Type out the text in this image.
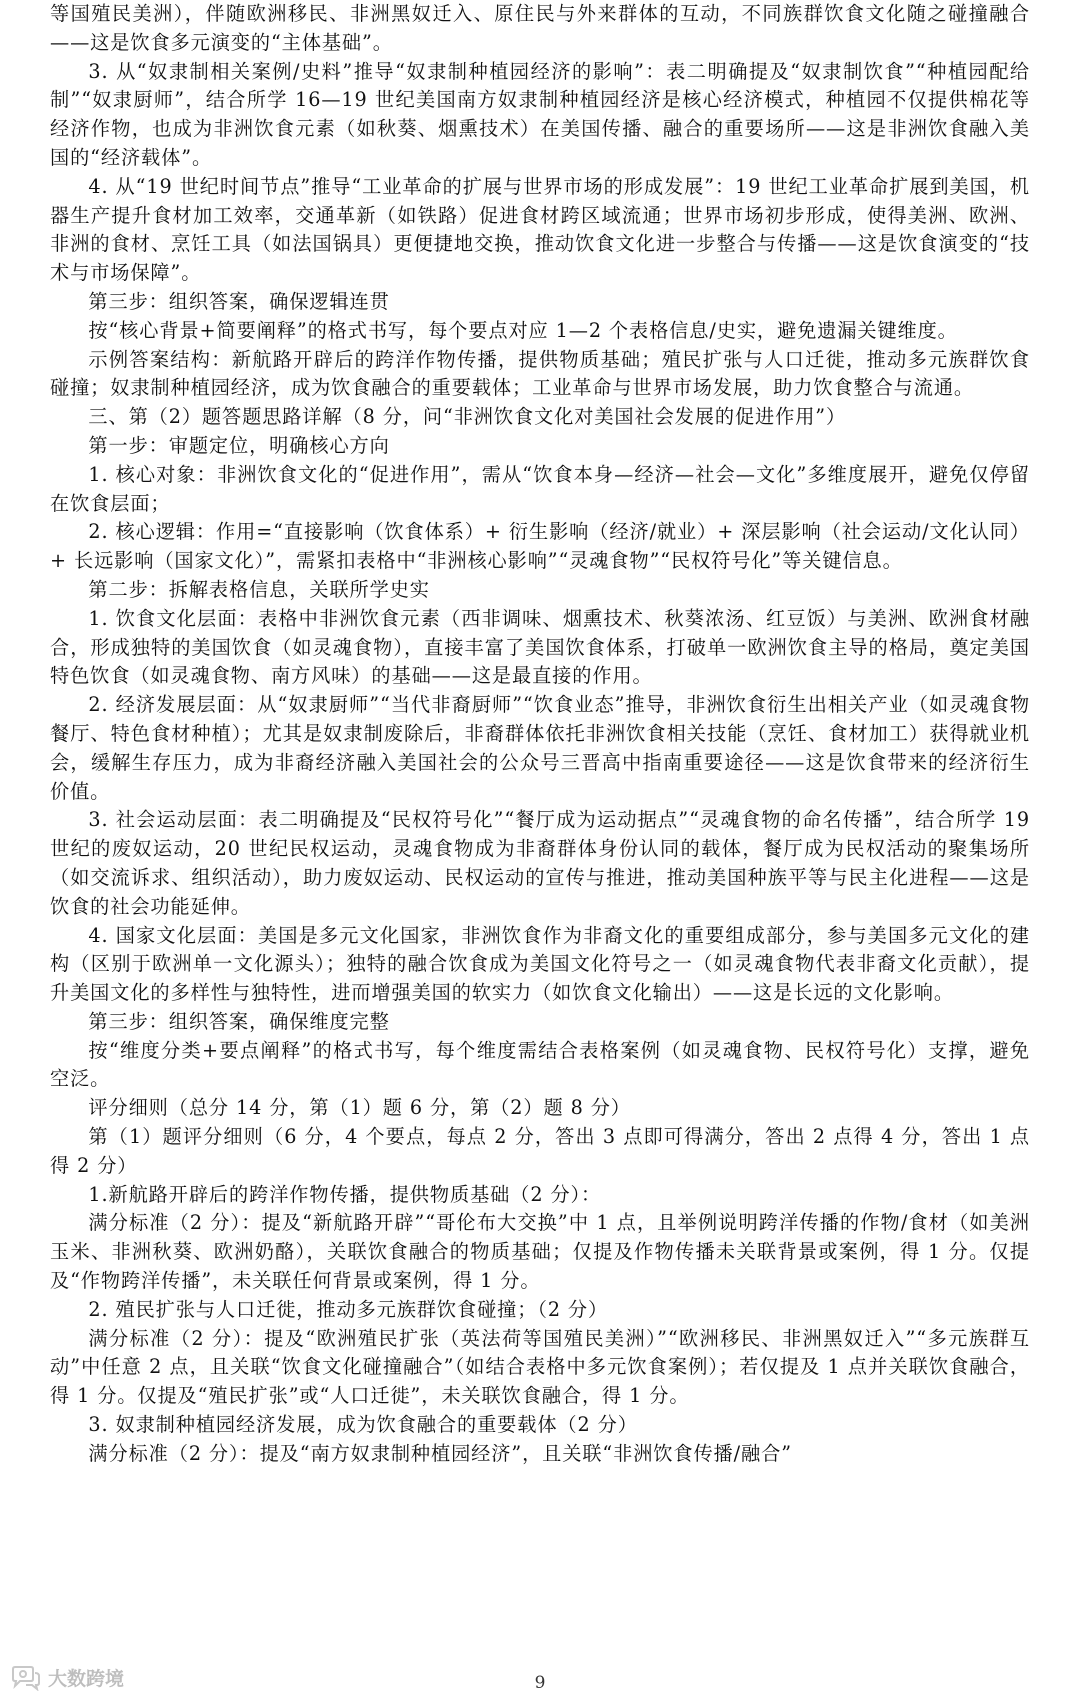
等国殖民美洲），伴随欧洲移民、非洲黑奴迁入、原住民与外来群体的互动，不同族群饮食文化随之碰撞融合——这是饮食多元演变的“主体基础”。

3. 从“奴隶制相关案例/史料”推导“奴隶制种植园经济的影响”：表二明确提及“奴隶制饮食”“种植园配给制”“奴隶厨师”，结合所学 16—19 世纪美国南方奴隶制种植园经济是核心经济模式，种植园不仅提供棉花等经济作物，也成为非洲饮食元素（如秋葵、烟熏技术）在美国传播、融合的重要场所——这是非洲饮食融入美国的“经济载体”。

4. 从“19 世纪时间节点”推导“工业革命的扩展与世界市场的形成发展”：19 世纪工业革命扩展到美国，机器生产提升食材加工效率，交通革新（如铁路）促进食材跨区域流通；世界市场初步形成，使得美洲、欧洲、非洲的食材、烹饪工具（如法国锅具）更便捷地交换，推动饮食文化进一步整合与传播——这是饮食演变的“技术与市场保障”。

第三步：组织答案，确保逻辑连贯

按“核心背景+简要阐释”的格式书写，每个要点对应 1—2 个表格信息/史实，避免遗漏关键维度。

示例答案结构：新航路开辟后的跨洋作物传播，提供物质基础；殖民扩张与人口迁徙，推动多元族群饮食碰撞；奴隶制种植园经济，成为饮食融合的重要载体；工业革命与世界市场发展，助力饮食整合与流通。

三、第（2）题答题思路详解（8 分，问“非洲饮食文化对美国社会发展的促进作用”）

第一步：审题定位，明确核心方向

1. 核心对象：非洲饮食文化的“促进作用”，需从“饮食本身—经济—社会—文化”多维度展开，避免仅停留在饮食层面；

2. 核心逻辑：作用=“直接影响（饮食体系）+ 衍生影响（经济/就业）+ 深层影响（社会运动/文化认同）+ 长远影响（国家文化）”，需紧扣表格中“非洲核心影响”“灵魂食物”“民权符号化”等关键信息。

第二步：拆解表格信息，关联所学史实

1. 饮食文化层面：表格中非洲饮食元素（西非调味、烟熏技术、秋葵浓汤、红豆饭）与美洲、欧洲食材融合，形成独特的美国饮食（如灵魂食物），直接丰富了美国饮食体系，打破单一欧洲饮食主导的格局，奠定美国特色饮食（如灵魂食物、南方风味）的基础——这是最直接的作用。

2. 经济发展层面：从“奴隶厨师”“当代非裔厨师”“饮食业态”推导，非洲饮食衍生出相关产业（如灵魂食物餐厅、特色食材种植）；尤其是奴隶制废除后，非裔群体依托非洲饮食相关技能（烹饪、食材加工）获得就业机会，缓解生存压力，成为非裔经济融入美国社会的公众号三晋高中指南重要途径——这是饮食带来的经济衍生价值。

3. 社会运动层面：表二明确提及“民权符号化”“餐厅成为运动据点”“灵魂食物的命名传播”，结合所学 19 世纪的废奴运动，20 世纪民权运动，灵魂食物成为非裔群体身份认同的载体，餐厅成为民权活动的聚集场所（如交流诉求、组织活动），助力废奴运动、民权运动的宣传与推进，推动美国种族平等与民主化进程——这是饮食的社会功能延伸。

4. 国家文化层面：美国是多元文化国家，非洲饮食作为非裔文化的重要组成部分，参与美国多元文化的建构（区别于欧洲单一文化源头）；独特的融合饮食成为美国文化符号之一（如灵魂食物代表非裔文化贡献），提升美国文化的多样性与独特性，进而增强美国的软实力（如饮食文化输出）——这是长远的文化影响。

第三步：组织答案，确保维度完整

按“维度分类+要点阐释”的格式书写，每个维度需结合表格案例（如灵魂食物、民权符号化）支撑，避免空泛。

评分细则（总分 14 分，第（1）题 6 分，第（2）题 8 分）

第（1）题评分细则（6 分，4 个要点，每点 2 分，答出 3 点即可得满分，答出 2 点得 4 分，答出 1 点得 2 分）

1.新航路开辟后的跨洋作物传播，提供物质基础（2 分）：

满分标准（2 分）：提及“新航路开辟”“哥伦布大交换”中 1 点，且举例说明跨洋传播的作物/食材（如美洲玉米、非洲秋葵、欧洲奶酪），关联饮食融合的物质基础；仅提及作物传播未关联背景或案例，得 1 分。仅提及“作物跨洋传播”，未关联任何背景或案例，得 1 分。

2. 殖民扩张与人口迁徙，推动多元族群饮食碰撞；（2 分）

满分标准（2 分）：提及“欧洲殖民扩张（英法荷等国殖民美洲）”“欧洲移民、非洲黑奴迁入”“多元族群互动”中任意 2 点，且关联“饮食文化碰撞融合”（如结合表格中多元饮食案例）；若仅提及 1 点并关联饮食融合，得 1 分。仅提及“殖民扩张”或“人口迁徙”，未关联饮食融合，得 1 分。

3. 奴隶制种植园经济发展，成为饮食融合的重要载体（2 分）

满分标准（2 分）：提及“南方奴隶制种植园经济”，且关联“非洲饮食传播/融合”

9
大数跨境
